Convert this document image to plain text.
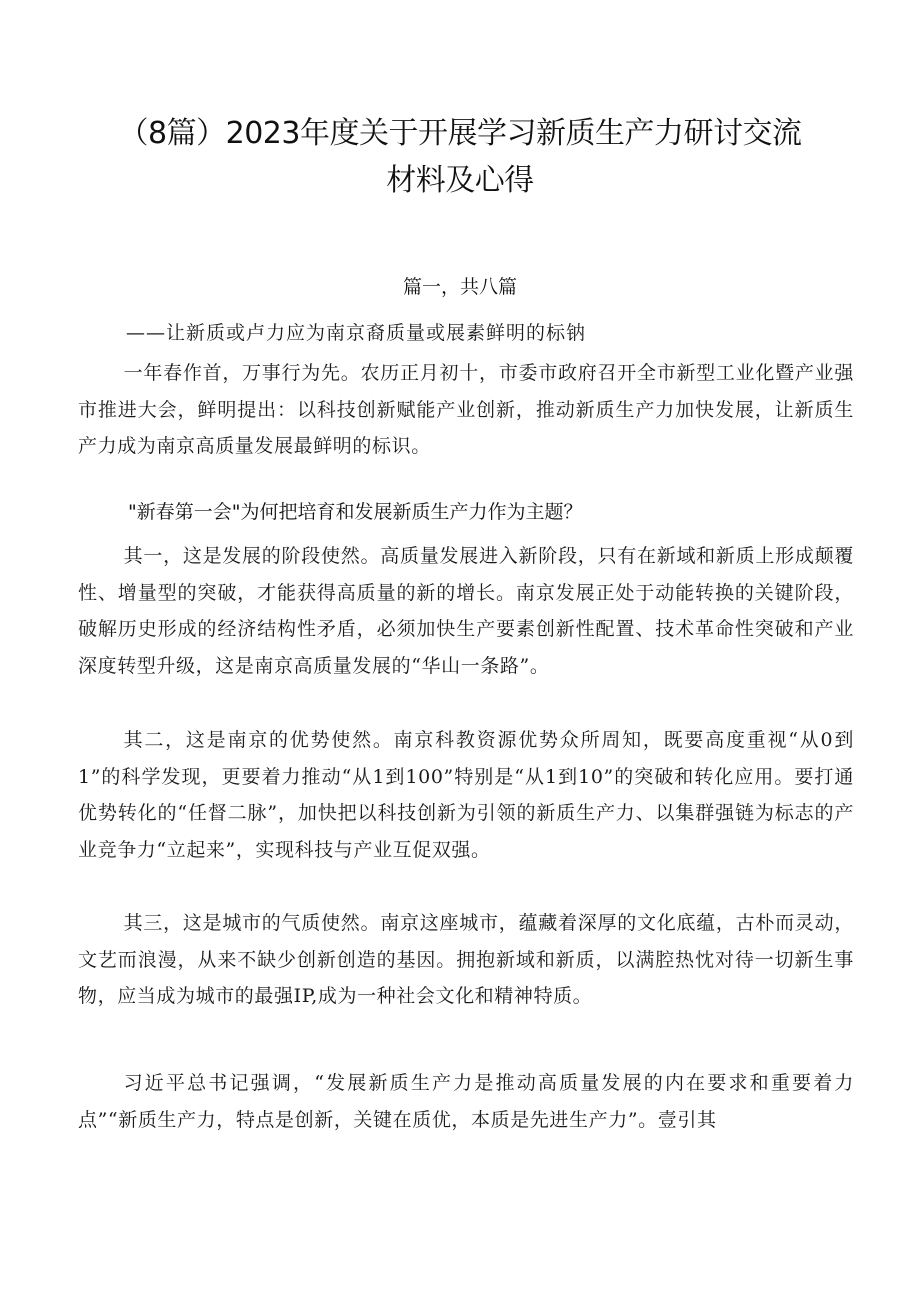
（8篇）2023年度关于开展学习新质生产力研讨交流
材料及心得
篇一，共八篇
——让新质或卢力应为南京裔质量或展素鲜明的标钠
一年春作首，万事行为先。农历正月初十，市委市政府召开全市新型工业化暨产业强市推进大会，鲜明提出：以科技创新赋能产业创新，推动新质生产力加快发展，让新质生产力成为南京高质量发展最鲜明的标识。
"新春第一会"为何把培育和发展新质生产力作为主题？
其一，这是发展的阶段使然。高质量发展进入新阶段，只有在新域和新质上形成颠覆性、增量型的突破，才能获得高质量的新的增长。南京发展正处于动能转换的关键阶段，破解历史形成的经济结构性矛盾，必须加快生产要素创新性配置、技术革命性突破和产业深度转型升级，这是南京高质量发展的“华山一条路”。
其二，这是南京的优势使然。南京科教资源优势众所周知，既要高度重视“从0到1”的科学发现，更要着力推动“从1到100”特别是“从1到10”的突破和转化应用。要打通优势转化的“任督二脉”，加快把以科技创新为引领的新质生产力、以集群强链为标志的产业竞争力“立起来”，实现科技与产业互促双强。
其三，这是城市的气质使然。南京这座城市，蕴藏着深厚的文化底蕴，古朴而灵动，文艺而浪漫，从来不缺少创新创造的基因。拥抱新域和新质，以满腔热忱对待一切新生事物，应当成为城市的最强IP,成为一种社会文化和精神特质。
习近平总书记强调，“发展新质生产力是推动高质量发展的内在要求和重要着力点”“新质生产力，特点是创新，关键在质优，本质是先进生产力”。壹引其
